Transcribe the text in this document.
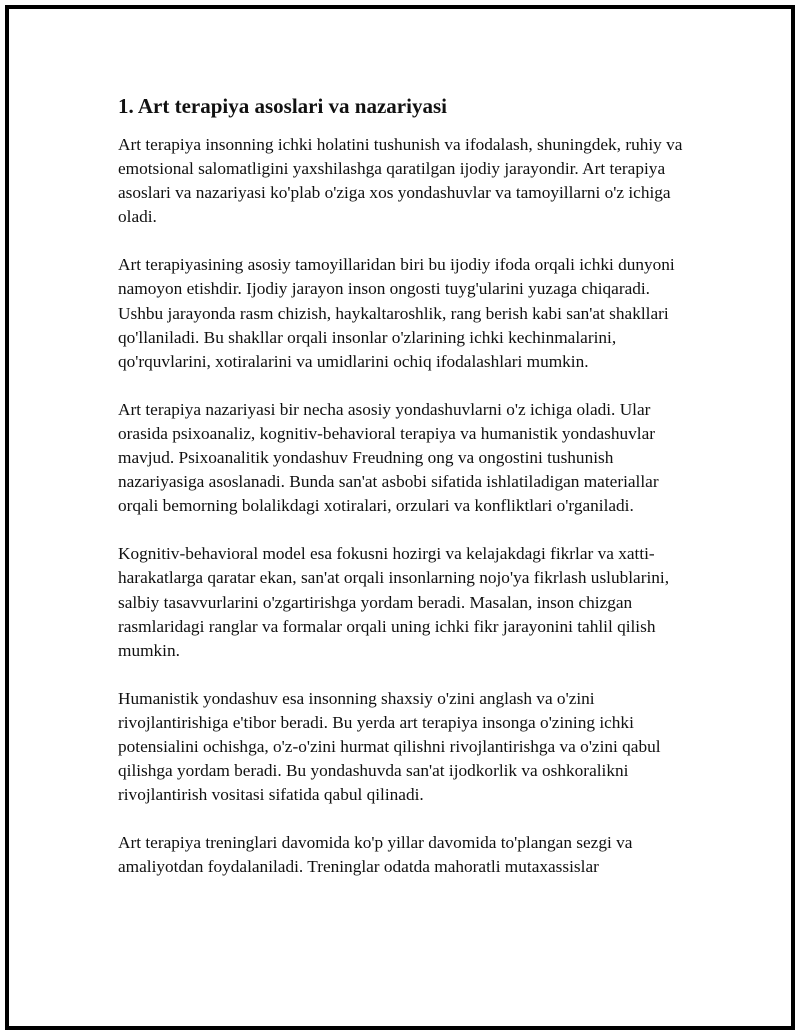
1. Art terapiya asoslari va nazariyasi

Art terapiya insonning ichki holatini tushunish va ifodalash, shuningdek, ruhiy va emotsional salomatligini yaxshilashga qaratilgan ijodiy jarayondir. Art terapiya asoslari va nazariyasi ko'plab o'ziga xos yondashuvlar va tamoyillarni o'z ichiga oladi.

Art terapiyasining asosiy tamoyillaridan biri bu ijodiy ifoda orqali ichki dunyoni namoyon etishdir. Ijodiy jarayon inson ongosti tuyg'ularini yuzaga chiqaradi. Ushbu jarayonda rasm chizish, haykaltaroshlik, rang berish kabi san'at shakllari qo'llaniladi. Bu shakllar orqali insonlar o'zlarining ichki kechinmalarini, qo'rquvlarini, xotiralarini va umidlarini ochiq ifodalashlari mumkin.

Art terapiya nazariyasi bir necha asosiy yondashuvlarni o'z ichiga oladi. Ular orasida psixoanaliz, kognitiv-behavioral terapiya va humanistik yondashuvlar mavjud. Psixoanalitik yondashuv Freudning ong va ongostini tushunish nazariyasiga asoslanadi. Bunda san'at asbobi sifatida ishlatiladigan materiallar orqali bemorning bolalikdagi xotiralari, orzulari va konfliktlari o'rganiladi.

Kognitiv-behavioral model esa fokusni hozirgi va kelajakdagi fikrlar va xatti-harakatlarga qaratar ekan, san'at orqali insonlarning nojo'ya fikrlash uslublarini, salbiy tasavvurlarini o'zgartirishga yordam beradi. Masalan, inson chizgan rasmlaridagi ranglar va formalar orqali uning ichki fikr jarayonini tahlil qilish mumkin.

Humanistik yondashuv esa insonning shaxsiy o'zini anglash va o'zini rivojlantirishiga e'tibor beradi. Bu yerda art terapiya insonga o'zining ichki potensialini ochishga, o'z-o'zini hurmat qilishni rivojlantirishga va o'zini qabul qilishga yordam beradi. Bu yondashuvda san'at ijodkorlik va oshkoralikni rivojlantirish vositasi sifatida qabul qilinadi.

Art terapiya treninglari davomida ko'p yillar davomida to'plangan sezgi va amaliyotdan foydalaniladi. Treninglar odatda mahoratli mutaxassislar
